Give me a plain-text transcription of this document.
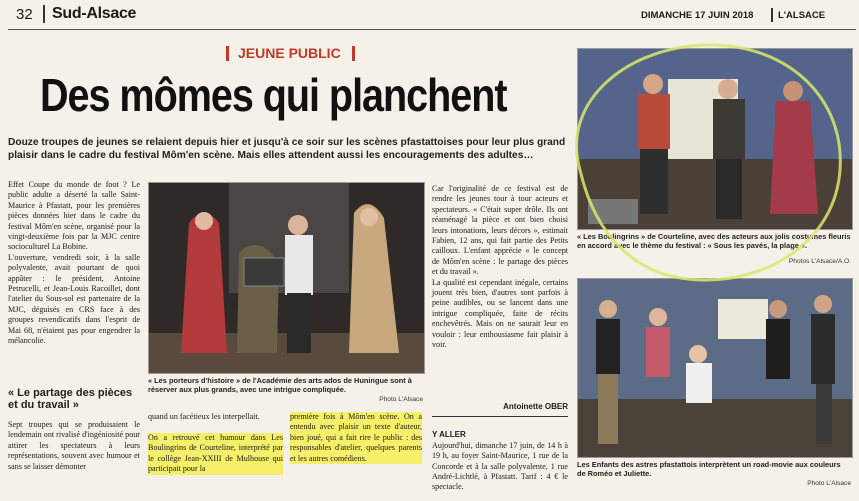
32 Sud-Alsace	DIMANCHE 17 JUIN 2018	L'ALSACE
JEUNE PUBLIC
Des mômes qui planchent
Douze troupes de jeunes se relaient depuis hier et jusqu'à ce soir sur les scènes pfastattoises pour leur plus grand plaisir dans le cadre du festival Môm'en scène. Mais elles attendent aussi les encouragements des adultes…
Effet Coupe du monde de foot ? Le public adulte a déserté la salle Saint-Maurice à Pfastatt, pour les premières pièces données hier dans le cadre du festival Môm'en scène, organisé pour la vingt-deuxième fois par la MJC centre socioculturel La Bobine.
L'ouverture, vendredi soir, à la salle polyvalente, avait pourtant de quoi appâter : le président, Antoine Petrucelli, et Jean-Louis Racoillet, dont l'atelier du Sous-sol est partenaire de la MJC, déguisés en CRS face à des groupes revendicatifs dans l'esprit de Mai 68, n'étaient pas pour engendrer la mélancolie.
« Le partage des pièces et du travail »
Sept troupes qui se produisaient le lendemain ont rivalisé d'ingéniosité pour attirer les spectateurs à leurs représentations, souvent avec humour et sans se laisser démonter
« Les porteurs d'histoire » de l'Académie des arts ados de Huningue sont à réserver aux plus grands, avec une intrigue compliquée.
Photo L'Alsace
quand un facétieux les interpellait.
On a retrouvé cet humour dans Les Boulingrins de Courteline, interprété par le collège Jean-XXIII de Mulhouse qui participait pour la
première fois à Môm'en scène. On a entendu avec plaisir un texte d'auteur, bien joué, qui a fait rire le public : des responsables d'atelier, quelques parents et les autres comédiens.
Car l'originalité de ce festival est de rendre les jeunes tour à tour acteurs et spectateurs. « C'était super drôle. Ils ont réaménagé la pièce et ont bien choisi leurs intonations, leurs décors », estimait Fabien, 12 ans, qui fait partie des Petits cailloux. L'enfant apprécie « le concept de Môm'en scène : le partage des pièces et du travail ».
La qualité est cependant inégale, certains jouent très bien, d'autres sont parfois à peine audibles, ou se lancent dans une intrigue compliquée, faite de récits enchevêtrés. Mais on ne saurait leur en vouloir : leur enthousiasme fait plaisir à voir.
Antoinette OBER

Y ALLER
Aujourd'hui, dimanche 17 juin, de 14 h à 19 h, au foyer Saint-Maurice, 1 rue de la Concorde et à la salle polyvalente, 1 rue André-Lichtlé, à Pfastatt. Tarif : 4 € le spectacle.

« Les Boulingrins » de Courteline, avec des acteurs aux jolis costumes fleuris en accord avec le thème du festival : « Sous les pavés, la plage ».
Photos L'Alsace/A.O.
Les Enfants des astres pfastattois interprètent un road-movie aux couleurs de Roméo et Juliette.
Photo L'Alsace
